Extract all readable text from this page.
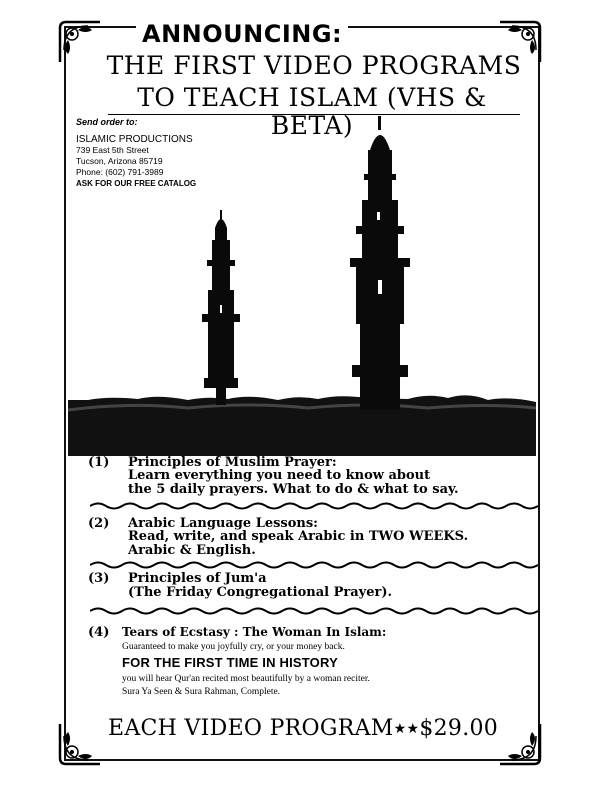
ANNOUNCING:
THE FIRST VIDEO PROGRAMS
TO TEACH ISLAM (VHS & BETA)
Send order to:
ISLAMIC PRODUCTIONS
739 East 5th Street
Tucson, Arizona 85719
Phone: (602) 791-3989
ASK FOR OUR FREE CATALOG
(1) Principles of Muslim Prayer:
Learn everything you need to know about
the 5 daily prayers. What to do & what to say.
(2) Arabic Language Lessons:
Read, write, and speak Arabic in TWO WEEKS.
Arabic & English.
(3) Principles of Jum'a
(The Friday Congregational Prayer).
(4) Tears of Ecstasy : The Woman In Islam:
Guaranteed to make you joyfully cry, or your money back.
FOR THE FIRST TIME IN HISTORY
you will hear Qur'an recited most beautifully by a woman reciter.
Sura Ya Seen & Sura Rahman, Complete.
EACH VIDEO PROGRAM★★$29.00
